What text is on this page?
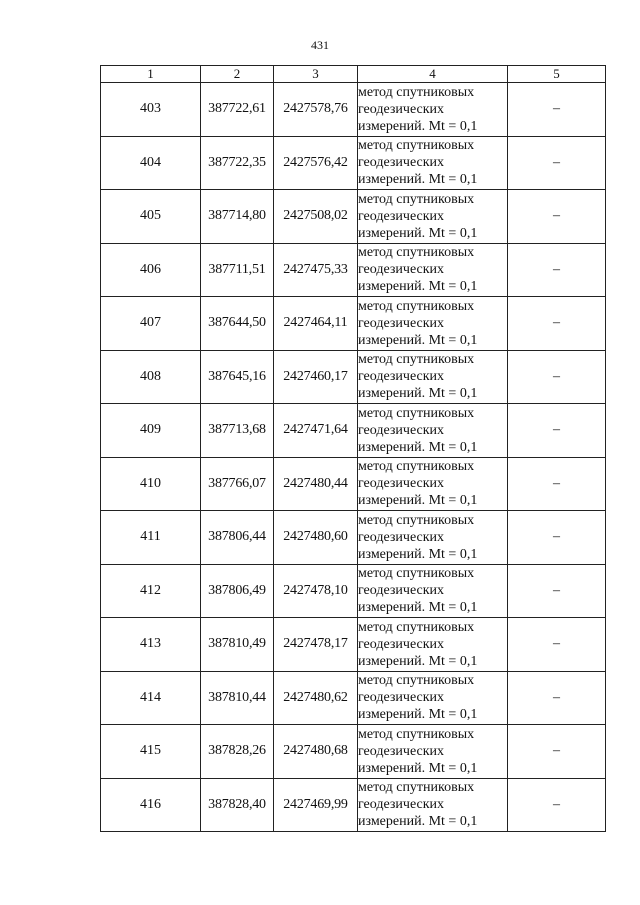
431
1	2	3	4	5
403	387722,61	2427578,76	метод спутниковых
геодезических
измерений. Mt = 0,1	–
404	387722,35	2427576,42	метод спутниковых
геодезических
измерений. Mt = 0,1	–
405	387714,80	2427508,02	метод спутниковых
геодезических
измерений. Mt = 0,1	–
406	387711,51	2427475,33	метод спутниковых
геодезических
измерений. Mt = 0,1	–
407	387644,50	2427464,11	метод спутниковых
геодезических
измерений. Mt = 0,1	–
408	387645,16	2427460,17	метод спутниковых
геодезических
измерений. Mt = 0,1	–
409	387713,68	2427471,64	метод спутниковых
геодезических
измерений. Mt = 0,1	–
410	387766,07	2427480,44	метод спутниковых
геодезических
измерений. Mt = 0,1	–
411	387806,44	2427480,60	метод спутниковых
геодезических
измерений. Mt = 0,1	–
412	387806,49	2427478,10	метод спутниковых
геодезических
измерений. Mt = 0,1	–
413	387810,49	2427478,17	метод спутниковых
геодезических
измерений. Mt = 0,1	–
414	387810,44	2427480,62	метод спутниковых
геодезических
измерений. Mt = 0,1	–
415	387828,26	2427480,68	метод спутниковых
геодезических
измерений. Mt = 0,1	–
416	387828,40	2427469,99	метод спутниковых
геодезических
измерений. Mt = 0,1	–
